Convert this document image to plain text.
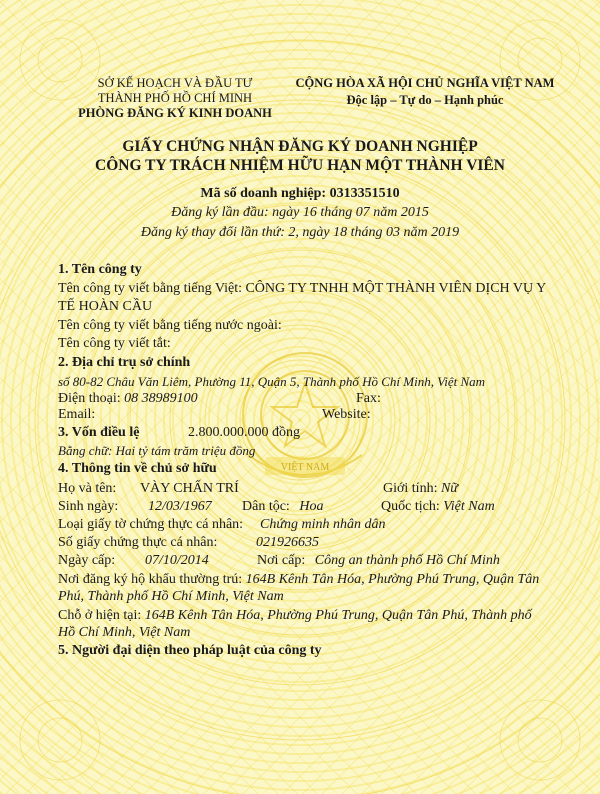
VIỆT NAM
SỞ KẾ HOẠCH VÀ ĐẦU TƯ
THÀNH PHỐ HỒ CHÍ MINH
PHÒNG ĐĂNG KÝ KINH DOANH
CỘNG HÒA XÃ HỘI CHỦ NGHĨA VIỆT NAM
Độc lập – Tự do – Hạnh phúc
GIẤY CHỨNG NHẬN ĐĂNG KÝ DOANH NGHIỆP
CÔNG TY TRÁCH NHIỆM HỮU HẠN MỘT THÀNH VIÊN
Mã số doanh nghiệp: 0313351510
Đăng ký lần đầu: ngày 16 tháng 07 năm 2015
Đăng ký thay đổi lần thứ: 2, ngày 18 tháng 03 năm 2019
1. Tên công ty
Tên công ty viết bằng tiếng Việt: CÔNG TY TNHH MỘT THÀNH VIÊN DỊCH VỤ Y
TẾ HOÀN CẦU
Tên công ty viết bằng tiếng nước ngoài:
Tên công ty viết tắt:
2. Địa chỉ trụ sở chính
số 80-82 Châu Văn Liêm, Phường 11, Quận 5, Thành phố Hồ Chí Minh, Việt Nam
Điện thoại: 08 38989100	Fax:
Email:	Website:
3. Vốn điều lệ	2.800.000.000 đồng
Bằng chữ: Hai tỷ tám trăm triệu đồng
4. Thông tin về chủ sở hữu
Họ và tên: VÀY CHẤN TRÍ	Giới tính: Nữ
Sinh ngày: 12/03/1967 Dân tộc: Hoa	Quốc tịch: Việt Nam
Loại giấy tờ chứng thực cá nhân: Chứng minh nhân dân
Số giấy chứng thực cá nhân:	021926635
Ngày cấp: 07/10/2014	Nơi cấp: Công an thành phố Hồ Chí Minh
Nơi đăng ký hộ khẩu thường trú: 164B Kênh Tân Hóa, Phường Phú Trung, Quận Tân
Phú, Thành phố Hồ Chí Minh, Việt Nam
Chỗ ở hiện tại: 164B Kênh Tân Hóa, Phường Phú Trung, Quận Tân Phú, Thành phố
Hồ Chí Minh, Việt Nam
5. Người đại diện theo pháp luật của công ty
